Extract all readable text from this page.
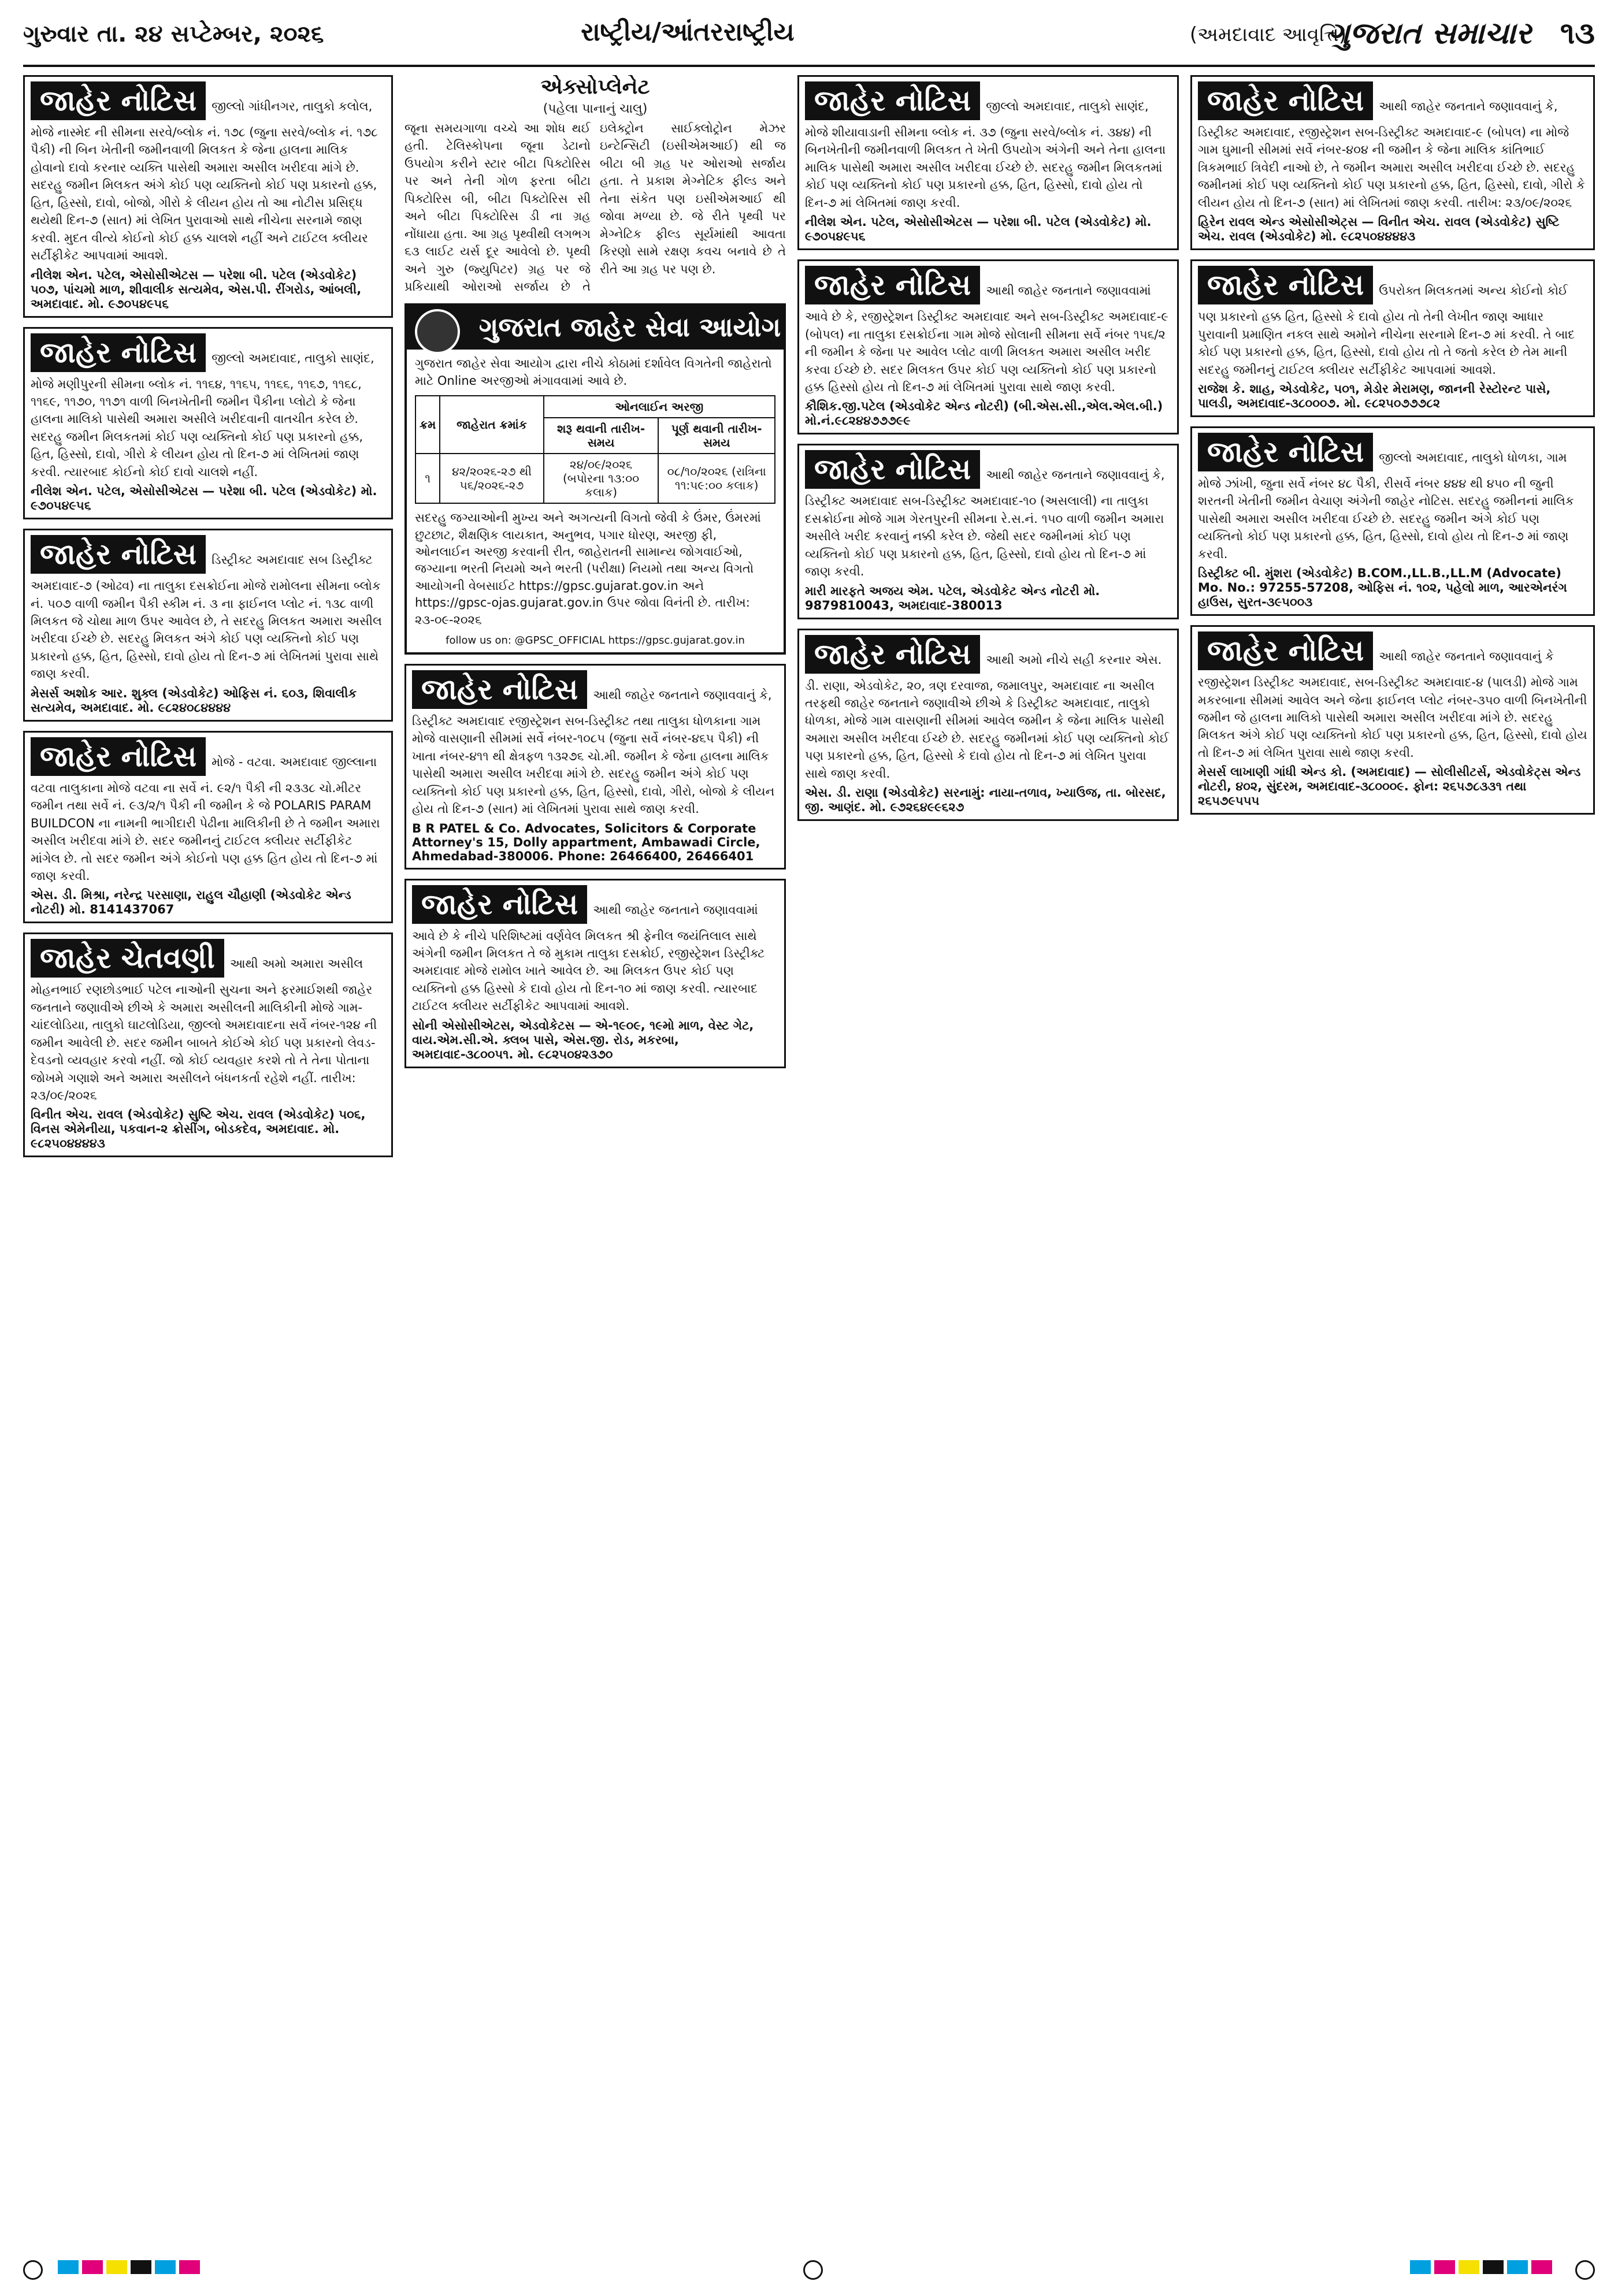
ગુરુવાર તા. ૨૪ સપ્ટેમ્બર, ૨૦૨૬	રાષ્ટ્રીય/આંતરરાષ્ટ્રીય	(અમદાવાદ આવૃત્તિ)	૧૩
ગુજરાત સમાચાર
જાહેર નોટિસ જીલ્લો ગાંધીનગર, તાલુકો કલોલ, મોજે નાસ્મેદ ની સીમના સરવે/બ્લોક નં. ૧૭૮ (જુના સરવે/બ્લોક નં. ૧૭૮ પૈકી) ની બિન ખેતીની જમીનવાળી મિલકત કે જેના હાલના માલિક હોવાનો દાવો કરનાર વ્યક્તિ પાસેથી અમારા અસીલ ખરીદવા માંગે છે. સદરહુ જમીન મિલકત અંગે કોઈ પણ વ્યક્તિનો કોઈ પણ પ્રકારનો હક્ક, હિત, હિસ્સો, દાવો, બોજો, ગીરો કે લીયન હોય તો આ નોટીસ પ્રસિદ્ધ થયેથી દિન-૭ (સાત) માં લેખિત પુરાવાઓ સાથે નીચેના સરનામે જાણ કરવી. મુદત વીત્યે કોઈનો કોઈ હક્ક ચાલશે નહીં અને ટાઈટલ ક્લીયર સર્ટીફીકેટ આપવામાં આવશે.
નીલેશ એન. પટેલ, એસોસીએટસ — પરેશા બી. પટેલ (એડવોકેટ) ૫૦૭, પાંચમો માળ, શીવાલીક સત્યમેવ, એસ.પી. રીંગરોડ, આંબલી, અમદાવાદ. મો. ૯૭૦૫૪૯૫૬
જાહેર નોટિસ જીલ્લો અમદાવાદ, તાલુકો સાણંદ, મોજે મણીપુરની સીમના બ્લોક નં. ૧૧૬૪, ૧૧૬૫, ૧૧૬૬, ૧૧૬૭, ૧૧૬૮, ૧૧૬૯, ૧૧૭૦, ૧૧૭૧ વાળી બિનખેતીની જમીન પૈકીના પ્લોટો કે જેના હાલના માલિકો પાસેથી અમારા અસીલે ખરીદવાની વાતચીત કરેલ છે. સદરહુ જમીન મિલકતમાં કોઈ પણ વ્યક્તિનો કોઈ પણ પ્રકારનો હક્ક, હિત, હિસ્સો, દાવો, ગીરો કે લીયન હોય તો દિન-૭ માં લેખિતમાં જાણ કરવી. ત્યારબાદ કોઈનો કોઈ દાવો ચાલશે નહીં.
નીલેશ એન. પટેલ, એસોસીએટસ — પરેશા બી. પટેલ (એડવોકેટ) મો. ૯૭૦૫૪૯૫૬
જાહેર નોટિસ ડિસ્ટ્રીક્ટ અમદાવાદ સબ ડિસ્ટ્રીક્ટ અમદાવાદ-૭ (ઓઢવ) ના તાલુકા દસક્રોઈના મોજે રામોલના સીમના બ્લોક નં. ૫૦૭ વાળી જમીન પૈકી સ્કીમ નં. ૩ ના ફાઈનલ પ્લોટ નં. ૧૩૮ વાળી મિલકત જે ચોથા માળ ઉપર આવેલ છે, તે સદરહુ મિલકત અમારા અસીલ ખરીદવા ઈચ્છે છે. સદરહુ મિલકત અંગે કોઈ પણ વ્યક્તિનો કોઈ પણ પ્રકારનો હક્ક, હિત, હિસ્સો, દાવો હોય તો દિન-૭ માં લેખિતમાં પુરાવા સાથે જાણ કરવી.
મેસર્સ અશોક આર. શુક્લ (એડવોકેટ) ઓફિસ નં. ૬૦૩, શિવાલીક સત્યમેવ, અમદાવાદ. મો. ૯૮૨૪૦૮૪૪૪૪
જાહેર નોટિસ મોજે - વટવા. અમદાવાદ જીલ્લાના વટવા તાલુકાના મોજે વટવા ના સર્વે નં. ૯૨/૧ પૈકી ની ૨૩૩૮ ચો.મીટર જમીન તથા સર્વે નં. ૯૩/૨/૧ પૈકી ની જમીન કે જે POLARIS PARAM BUILDCON ના નામની ભાગીદારી પેઢીના માલિકીની છે તે જમીન અમારા અસીલ ખરીદવા માંગે છે. સદર જમીનનું ટાઈટલ ક્લીયર સર્ટીફીકેટ માંગેલ છે. તો સદર જમીન અંગે કોઈનો પણ હક્ક હિત હોય તો દિન-૭ માં જાણ કરવી.
એસ. ડી. મિશ્રા, નરેન્દ્ર પરસાણા, રાહુલ ચૌહાણી (એડવોકેટ એન્ડ નોટરી) મો. 8141437067
જાહેર ચેતવણી આથી અમો અમારા અસીલ મોહનભાઈ રણછોડભાઈ પટેલ નાઓની સુચના અને ફરમાઈશથી જાહેર જનતાને જણાવીએ છીએ કે અમારા અસીલની માલિકીની મોજે ગામ-ચાંદલોડિયા, તાલુકો ઘાટલોડિયા, જીલ્લો અમદાવાદના સર્વે નંબર-૧૨૪ ની જમીન આવેલી છે. સદર જમીન બાબતે કોઈએ કોઈ પણ પ્રકારનો લેવડ-દેવડનો વ્યવહાર કરવો નહીં. જો કોઈ વ્યવહાર કરશે તો તે તેના પોતાના જોખમે ગણાશે અને અમારા અસીલને બંધનકર્તા રહેશે નહીં. તારીખ: ૨૩/૦૯/૨૦૨૬
વિનીત એચ. રાવલ (એડવોકેટ) સુષ્ટિ એચ. રાવલ (એડવોકેટ) ૫૦૬, વિનસ એમેનીયા, પકવાન-૨ ક્રોસીંગ, બોડકદેવ, અમદાવાદ. મો. ૯૮૨૫૦૪૪૪૪૩
એક્સોપ્લેનેટ
(પહેલા પાનાનું ચાલુ)
જૂના સમયગાળા વચ્ચે આ શોધ થઈ હતી. ટેલિસ્કોપના જૂના ડેટાનો ઉપયોગ કરીને સ્ટાર બીટા પિક્ટોરિસ પર અને તેની ગોળ ફરતા બીટા પિક્ટોરિસ બી, બીટા પિક્ટોરિસ સી અને બીટા પિક્ટોરિસ ડી ના ગ્રહ નોંધાયા હતા. આ ગ્રહ પૃથ્વીથી લગભગ ૬૩ લાઈટ યર્સ દૂર આવેલો છે. પૃથ્વી અને ગુરુ (જ્યુપિટર) ગ્રહ પર જે પ્રકિયાથી ઓરાઓ સર્જાય છે તે ઇલેક્ટ્રોન સાઈક્લોટ્રોન મેઝર ઇન્ટેન્સિટી (ઇસીએમઆઈ) થી જ બીટા બી ગ્રહ પર ઓરાઓ સર્જાય હતા. તે પ્રકાશ મેગ્નેટિક ફીલ્ડ અને તેના સંકેત પણ ઇસીએમઆઈ થી જોવા મળ્યા છે. જે રીતે પૃથ્વી પર મેગ્નેટિક ફીલ્ડ સૂર્યમાંથી આવતા કિરણો સામે રક્ષણ કવચ બનાવે છે તે રીતે આ ગ્રહ પર પણ છે.
ગુજરાત જાહેર સેવા આયોગ
ગુજરાત જાહેર સેવા આયોગ દ્વારા નીચે કોઠામાં દર્શાવેલ વિગતેની જાહેરાતો માટે Online અરજીઓ મંગાવવામાં આવે છે.
ક્રમ	જાહેરાત ક્રમાંક	ઓનલાઈન અરજી	
		શરૂ થવાની તારીખ-સમય	પૂર્ણ થવાની તારીખ-સમય
૧	૪૨/૨૦૨૬-૨૭ થી ૫૬/૨૦૨૬-૨૭	૨૪/૦૯/૨૦૨૬ (બપોરના ૧૩:૦૦ કલાક)	૦૮/૧૦/૨૦૨૬ (રાત્રિના ૧૧:૫૯:૦૦ કલાક)
સદરહુ જગ્યાઓની મુખ્ય અને અગત્યની વિગતો જેવી કે ઉંમર, ઉંમરમાં છુટછાટ, શૈક્ષણિક લાયકાત, અનુભવ, પગાર ધોરણ, અરજી ફી, ઓનલાઈન અરજી કરવાની રીત, જાહેરાતની સામાન્ય જોગવાઈઓ, જગ્યાના ભરતી નિયમો અને ભરતી (પરીક્ષા) નિયમો તથા અન્ય વિગતો આયોગની વેબસાઈટ https://gpsc.gujarat.gov.in અને https://gpsc-ojas.gujarat.gov.in ઉપર જોવા વિનંતી છે. તારીખ: ૨૩-૦૯-૨૦૨૬
follow us on: @GPSC_OFFICIAL https://gpsc.gujarat.gov.in
જાહેર નોટિસ આથી જાહેર જનતાને જણાવવાનું કે, ડિસ્ટ્રીક્ટ અમદાવાદ રજીસ્ટ્રેશન સબ-ડિસ્ટ્રીક્ટ તથા તાલુકા ધોળકાના ગામ મોજે વાસણાની સીમમાં સર્વે નંબર-૧૦૮૫ (જુના સર્વે નંબર-૪૬૫ પૈકી) ની ખાતા નંબર-૪૧૧ થી ક્ષેત્રફળ ૧૩૨૭૬ ચો.મી. જમીન કે જેના હાલના માલિક પાસેથી અમારા અસીલ ખરીદવા માંગે છે. સદરહુ જમીન અંગે કોઈ પણ વ્યક્તિનો કોઈ પણ પ્રકારનો હક્ક, હિત, હિસ્સો, દાવો, ગીરો, બોજો કે લીયન હોય તો દિન-૭ (સાત) માં લેખિતમાં પુરાવા સાથે જાણ કરવી.
B R PATEL & Co. Advocates, Solicitors & Corporate Attorney's 15, Dolly appartment, Ambawadi Circle, Ahmedabad-380006. Phone: 26466400, 26466401
જાહેર નોટિસ આથી જાહેર જનતાને જણાવવામાં આવે છે કે નીચે પરિશિષ્ટમાં વર્ણવેલ મિલકત શ્રી ફેનીલ જયંતિલાલ સાથે અંગેની જમીન મિલકત તે જે મુકામ તાલુકા દસક્રોઈ, રજીસ્ટ્રેશન ડિસ્ટ્રીક્ટ અમદાવાદ મોજે રામોલ ખાતે આવેલ છે. આ મિલકત ઉપર કોઈ પણ વ્યક્તિનો હક્ક હિસ્સો કે દાવો હોય તો દિન-૧૦ માં જાણ કરવી. ત્યારબાદ ટાઈટલ ક્લીયર સર્ટીફીકેટ આપવામાં આવશે.
સોની એસોસીએટસ, એડવોકેટસ — એ-૧૯૦૯, ૧૯મો માળ, વેસ્ટ ગેટ, વાય.એમ.સી.એ. ક્લબ પાસે, એસ.જી. રોડ, મકરબા, અમદાવાદ-૩૮૦૦૫૧. મો. ૯૮૨૫૦૪૨૩૭૦
જાહેર નોટિસ જીલ્લો અમદાવાદ, તાલુકો સાણંદ, મોજે શીયાવાડાની સીમના બ્લોક નં. ૩૭ (જુના સરવે/બ્લોક નં. ૩૪૪) ની બિનખેતીની જમીનવાળી મિલકત તે ખેતી ઉપયોગ અંગેની અને તેના હાલના માલિક પાસેથી અમારા અસીલ ખરીદવા ઈચ્છે છે. સદરહુ જમીન મિલકતમાં કોઈ પણ વ્યક્તિનો કોઈ પણ પ્રકારનો હક્ક, હિત, હિસ્સો, દાવો હોય તો દિન-૭ માં લેખિતમાં જાણ કરવી.
નીલેશ એન. પટેલ, એસોસીએટસ — પરેશા બી. પટેલ (એડવોકેટ) મો. ૯૭૦૫૪૯૫૬
જાહેર નોટિસ આથી જાહેર જનતાને જણાવવામાં આવે છે કે, રજીસ્ટ્રેશન ડિસ્ટ્રીક્ટ અમદાવાદ અને સબ-ડિસ્ટ્રીક્ટ અમદાવાદ-૯ (બોપલ) ના તાલુકા દસક્રોઈના ગામ મોજે સોલાની સીમના સર્વે નંબર ૧૫૬/૨ ની જમીન કે જેના પર આવેલ પ્લોટ વાળી મિલકત અમારા અસીલ ખરીદ કરવા ઈચ્છે છે. સદર મિલકત ઉપર કોઈ પણ વ્યક્તિનો કોઈ પણ પ્રકારનો હક્ક હિસ્સો હોય તો દિન-૭ માં લેખિતમાં પુરાવા સાથે જાણ કરવી.
કૌશિક.જી.પટેલ (એડવોકેટ એન્ડ નોટરી) (બી.એસ.સી.,એલ.એલ.બી.) મો.નં.૯૮૨૪૪૭૭૭૯૯
જાહેર નોટિસ આથી જાહેર જનતાને જણાવવાનું કે, ડિસ્ટ્રીક્ટ અમદાવાદ સબ-ડિસ્ટ્રીક્ટ અમદાવાદ-૧૦ (અસલાલી) ના તાલુકા દસક્રોઈના મોજે ગામ ગેરતપુરની સીમના રે.સ.નં. ૧૫૦ વાળી જમીન અમારા અસીલે ખરીદ કરવાનું નક્કી કરેલ છે. જેથી સદર જમીનમાં કોઈ પણ વ્યક્તિનો કોઈ પણ પ્રકારનો હક્ક, હિત, હિસ્સો, દાવો હોય તો દિન-૭ માં જાણ કરવી.
મારી મારફતે અજય એમ. પટેલ, એડવોકેટ એન્ડ નોટરી મો. 9879810043, અમદાવાદ-380013
જાહેર નોટિસ આથી અમો નીચે સહી કરનાર એસ. ડી. રાણા, એડવોકેટ, ૨૦, ત્રણ દરવાજા, જમાલપુર, અમદાવાદ ના અસીલ તરફથી જાહેર જનતાને જણાવીએ છીએ કે ડિસ્ટ્રીક્ટ અમદાવાદ, તાલુકો ધોળકા, મોજે ગામ વાસણાની સીમમાં આવેલ જમીન કે જેના માલિક પાસેથી અમારા અસીલ ખરીદવા ઈચ્છે છે. સદરહુ જમીનમાં કોઈ પણ વ્યક્તિનો કોઈ પણ પ્રકારનો હક્ક, હિત, હિસ્સો કે દાવો હોય તો દિન-૭ માં લેખિત પુરાવા સાથે જાણ કરવી.
એસ. ડી. રાણા (એડવોકેટ) સરનામું: નાયા-તળાવ, ખ્યાઉજ, તા. બોરસદ, જી. આણંદ. મો. ૯૭૨૬૪૯૯૬૨૭
જાહેર નોટિસ આથી જાહેર જનતાને જણાવવાનું કે, ડિસ્ટ્રીક્ટ અમદાવાદ, રજીસ્ટ્રેશન સબ-ડિસ્ટ્રીક્ટ અમદાવાદ-૯ (બોપલ) ના મોજે ગામ ઘુમાની સીમમાં સર્વે નંબર-૪૦૪ ની જમીન કે જેના માલિક કાંતિભાઈ ત્રિકમભાઈ ત્રિવેદી નાઓ છે, તે જમીન અમારા અસીલ ખરીદવા ઈચ્છે છે. સદરહુ જમીનમાં કોઈ પણ વ્યક્તિનો કોઈ પણ પ્રકારનો હક્ક, હિત, હિસ્સો, દાવો, ગીરો કે લીયન હોય તો દિન-૭ (સાત) માં લેખિતમાં જાણ કરવી. તારીખ: ૨૩/૦૯/૨૦૨૬
હિરેન રાવલ એન્ડ એસોસીએટ્સ — વિનીત એચ. રાવલ (એડવોકેટ) સુષ્ટિ એચ. રાવલ (એડવોકેટ) મો. ૯૮૨૫૦૪૪૪૪૩
જાહેર નોટિસ ઉપરોક્ત મિલકતમાં અન્ય કોઈનો કોઈ પણ પ્રકારનો હક્ક હિત, હિસ્સો કે દાવો હોય તો તેની લેખીત જાણ આધાર પુરાવાની પ્રમાણિત નકલ સાથે અમોને નીચેના સરનામે દિન-૭ માં કરવી. તે બાદ કોઈ પણ પ્રકારનો હક્ક, હિત, હિસ્સો, દાવો હોય તો તે જતો કરેલ છે તેમ માની સદરહુ જમીનનું ટાઈટલ ક્લીયર સર્ટીફીકેટ આપવામાં આવશે.
રાજેશ કે. શાહ, એડવોકેટ, ૫૦૧, મેડોર મેરામણ, જાનની રેસ્ટોરન્ટ પાસે, પાલડી, અમદાવાદ-૩૮૦૦૦૭. મો. ૯૮૨૫૦૭૭૭૮૨
જાહેર નોટિસ જીલ્લો અમદાવાદ, તાલુકો ધોળકા, ગામ મોજે ઝાંખી, જુના સર્વે નંબર ૪૮ પૈકી, રીસર્વે નંબર ૪૪૪ થી ૪૫૦ ની જુની શરતની ખેતીની જમીન વેચાણ અંગેની જાહેર નોટિસ. સદરહુ જમીનનાં માલિક પાસેથી અમારા અસીલ ખરીદવા ઈચ્છે છે. સદરહુ જમીન અંગે કોઈ પણ વ્યક્તિનો કોઈ પણ પ્રકારનો હક્ક, હિત, હિસ્સો, દાવો હોય તો દિન-૭ માં જાણ કરવી.
ડિસ્ટ્રીક્ટ બી. મુંશરા (એડવોકેટ) B.COM.,LL.B.,LL.M (Advocate) Mo. No.: 97255-57208, ઓફિસ નં. ૧૦૨, પહેલો માળ, આરએનરંગ હાઉસ, સુરત-૩૯૫૦૦૩
જાહેર નોટિસ આથી જાહેર જનતાને જણાવવાનું કે રજીસ્ટ્રેશન ડિસ્ટ્રીક્ટ અમદાવાદ, સબ-ડિસ્ટ્રીક્ટ અમદાવાદ-૪ (પાલડી) મોજે ગામ મકરબાના સીમમાં આવેલ અને જેના ફાઈનલ પ્લોટ નંબર-૩૫૦ વાળી બિનખેતીની જમીન જે હાલના માલિકો પાસેથી અમારા અસીલ ખરીદવા માંગે છે. સદરહુ મિલકત અંગે કોઈ પણ વ્યક્તિનો કોઈ પણ પ્રકારનો હક્ક, હિત, હિસ્સો, દાવો હોય તો દિન-૭ માં લેખિત પુરાવા સાથે જાણ કરવી.
મેસર્સ લાખાણી ગાંધી એન્ડ કો. (અમદાવાદ) — સોલીસીટર્સ, એડવોકેટ્સ એન્ડ નોટરી, ૪૦૨, સુંદરમ, અમદાવાદ-૩૮૦૦૦૯. ફોન: ૨૬૫૭૮૩૩૧ તથા ૨૬૫૭૯૫૫૫
